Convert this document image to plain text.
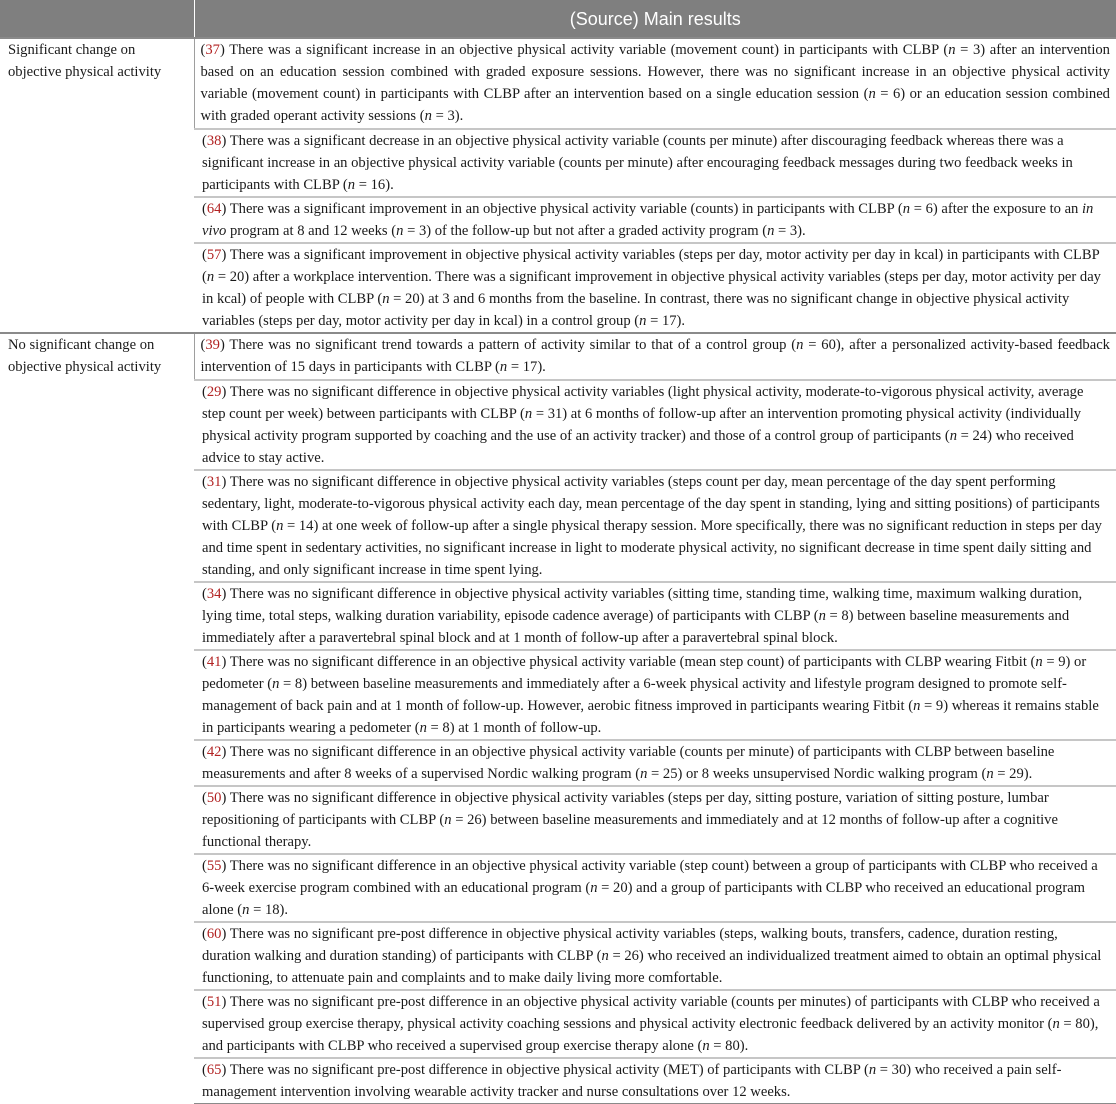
	(Source) Main results
Significant change on objective physical activity	(37) There was a significant increase in an objective physical activity variable (movement count) in participants with CLBP (n = 3) after an intervention based on an education session combined with graded exposure sessions. However, there was no significant increase in an objective physical activity variable (movement count) in participants with CLBP after an intervention based on a single education session (n = 6) or an education session combined with graded operant activity sessions (n = 3).
	(38) There was a significant decrease in an objective physical activity variable (counts per minute) after discouraging feedback whereas there was a significant increase in an objective physical activity variable (counts per minute) after encouraging feedback messages during two feedback weeks in participants with CLBP (n = 16).
	(64) There was a significant improvement in an objective physical activity variable (counts) in participants with CLBP (n = 6) after the exposure to an in vivo program at 8 and 12 weeks (n = 3) of the follow-up but not after a graded activity program (n = 3).
	(57) There was a significant improvement in objective physical activity variables (steps per day, motor activity per day in kcal) in participants with CLBP (n = 20) after a workplace intervention. There was a significant improvement in objective physical activity variables (steps per day, motor activity per day in kcal) of people with CLBP (n = 20) at 3 and 6 months from the baseline. In contrast, there was no significant change in objective physical activity variables (steps per day, motor activity per day in kcal) in a control group (n = 17).
No significant change on objective physical activity	(39) There was no significant trend towards a pattern of activity similar to that of a control group (n = 60), after a personalized activity-based feedback intervention of 15 days in participants with CLBP (n = 17).
	(29) There was no significant difference in objective physical activity variables (light physical activity, moderate-to-vigorous physical activity, average step count per week) between participants with CLBP (n = 31) at 6 months of follow-up after an intervention promoting physical activity (individually physical activity program supported by coaching and the use of an activity tracker) and those of a control group of participants (n = 24) who received advice to stay active.
	(31) There was no significant difference in objective physical activity variables (steps count per day, mean percentage of the day spent performing sedentary, light, moderate-to-vigorous physical activity each day, mean percentage of the day spent in standing, lying and sitting positions) of participants with CLBP (n = 14) at one week of follow-up after a single physical therapy session. More specifically, there was no significant reduction in steps per day and time spent in sedentary activities, no significant increase in light to moderate physical activity, no significant decrease in time spent daily sitting and standing, and only significant increase in time spent lying.
	(34) There was no significant difference in objective physical activity variables (sitting time, standing time, walking time, maximum walking duration, lying time, total steps, walking duration variability, episode cadence average) of participants with CLBP (n = 8) between baseline measurements and immediately after a paravertebral spinal block and at 1 month of follow-up after a paravertebral spinal block.
	(41) There was no significant difference in an objective physical activity variable (mean step count) of participants with CLBP wearing Fitbit (n = 9) or pedometer (n = 8) between baseline measurements and immediately after a 6-week physical activity and lifestyle program designed to promote self-management of back pain and at 1 month of follow-up. However, aerobic fitness improved in participants wearing Fitbit (n = 9) whereas it remains stable in participants wearing a pedometer (n = 8) at 1 month of follow-up.
	(42) There was no significant difference in an objective physical activity variable (counts per minute) of participants with CLBP between baseline measurements and after 8 weeks of a supervised Nordic walking program (n = 25) or 8 weeks unsupervised Nordic walking program (n = 29).
	(50) There was no significant difference in objective physical activity variables (steps per day, sitting posture, variation of sitting posture, lumbar repositioning of participants with CLBP (n = 26) between baseline measurements and immediately and at 12 months of follow-up after a cognitive functional therapy.
	(55) There was no significant difference in an objective physical activity variable (step count) between a group of participants with CLBP who received a 6-week exercise program combined with an educational program (n = 20) and a group of participants with CLBP who received an educational program alone (n = 18).
	(60) There was no significant pre-post difference in objective physical activity variables (steps, walking bouts, transfers, cadence, duration resting, duration walking and duration standing) of participants with CLBP (n = 26) who received an individualized treatment aimed to obtain an optimal physical functioning, to attenuate pain and complaints and to make daily living more comfortable.
	(51) There was no significant pre-post difference in an objective physical activity variable (counts per minutes) of participants with CLBP who received a supervised group exercise therapy, physical activity coaching sessions and physical activity electronic feedback delivered by an activity monitor (n = 80), and participants with CLBP who received a supervised group exercise therapy alone (n = 80).
	(65) There was no significant pre-post difference in objective physical activity (MET) of participants with CLBP (n = 30) who received a pain self-management intervention involving wearable activity tracker and nurse consultations over 12 weeks.
